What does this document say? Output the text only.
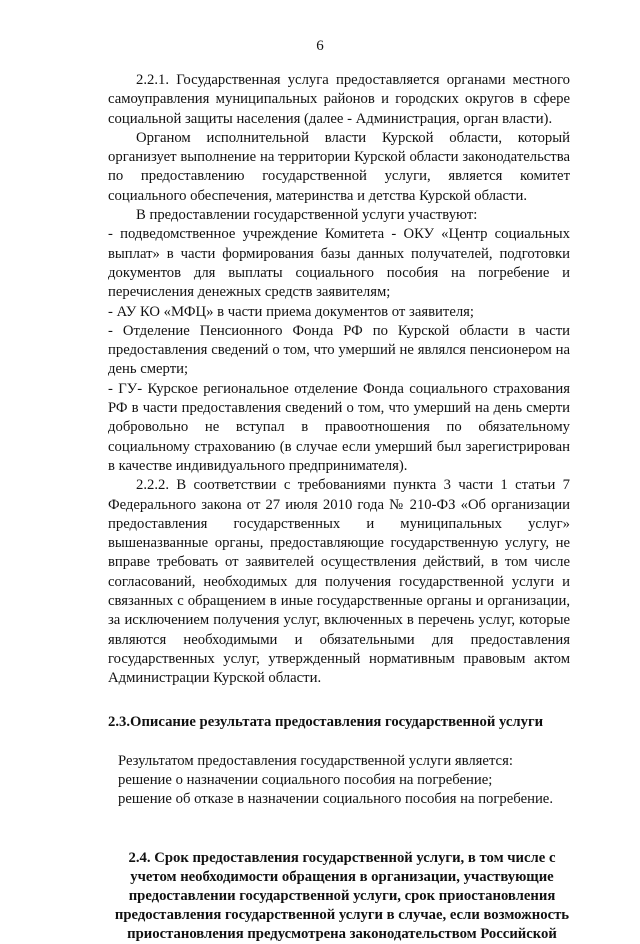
6

2.2.1. Государственная услуга предоставляется органами местного самоуправления муниципальных районов и городских округов в сфере социальной защиты населения (далее - Администрация, орган власти).

Органом исполнительной власти Курской области, который организует выполнение на территории Курской области законодательства по предоставлению государственной услуги, является комитет социального обеспечения, материнства и детства Курской области.

В предоставлении государственной услуги участвуют:

- подведомственное учреждение Комитета - ОКУ «Центр социальных выплат» в части формирования базы данных получателей, подготовки документов для выплаты социального пособия на погребение и перечисления денежных средств заявителям;

- АУ КО «МФЦ» в части приема документов от заявителя;

- Отделение Пенсионного Фонда РФ по Курской области в части предоставления сведений о том, что умерший не являлся пенсионером на день смерти;

- ГУ- Курское региональное отделение Фонда социального страхования РФ в части предоставления сведений о том, что умерший на день смерти добровольно не вступал в правоотношения по обязательному социальному страхованию (в случае если умерший был зарегистрирован в качестве индивидуального предпринимателя).

2.2.2. В соответствии с требованиями пункта 3 части 1 статьи 7 Федерального закона от 27 июля 2010 года № 210-ФЗ «Об организации предоставления государственных и муниципальных услуг» вышеназванные органы, предоставляющие государственную услугу, не вправе требовать от заявителей осуществления действий, в том числе согласований, необходимых для получения государственной услуги и связанных с обращением в иные государственные органы и организации, за исключением получения услуг, включенных в перечень услуг, которые являются необходимыми и обязательными для предоставления государственных услуг, утвержденный нормативным правовым актом Администрации Курской области.

2.3.Описание результата предоставления государственной услуги

Результатом предоставления государственной услуги является:

решение о назначении социального пособия на погребение;

решение об отказе в назначении социального пособия на погребение.

2.4. Срок предоставления государственной услуги, в том числе с
учетом необходимости обращения в организации, участвующие
предоставлении государственной услуги, срок приостановления
предоставления государственной услуги в случае, если возможность
приостановления предусмотрена законодательством Российской
